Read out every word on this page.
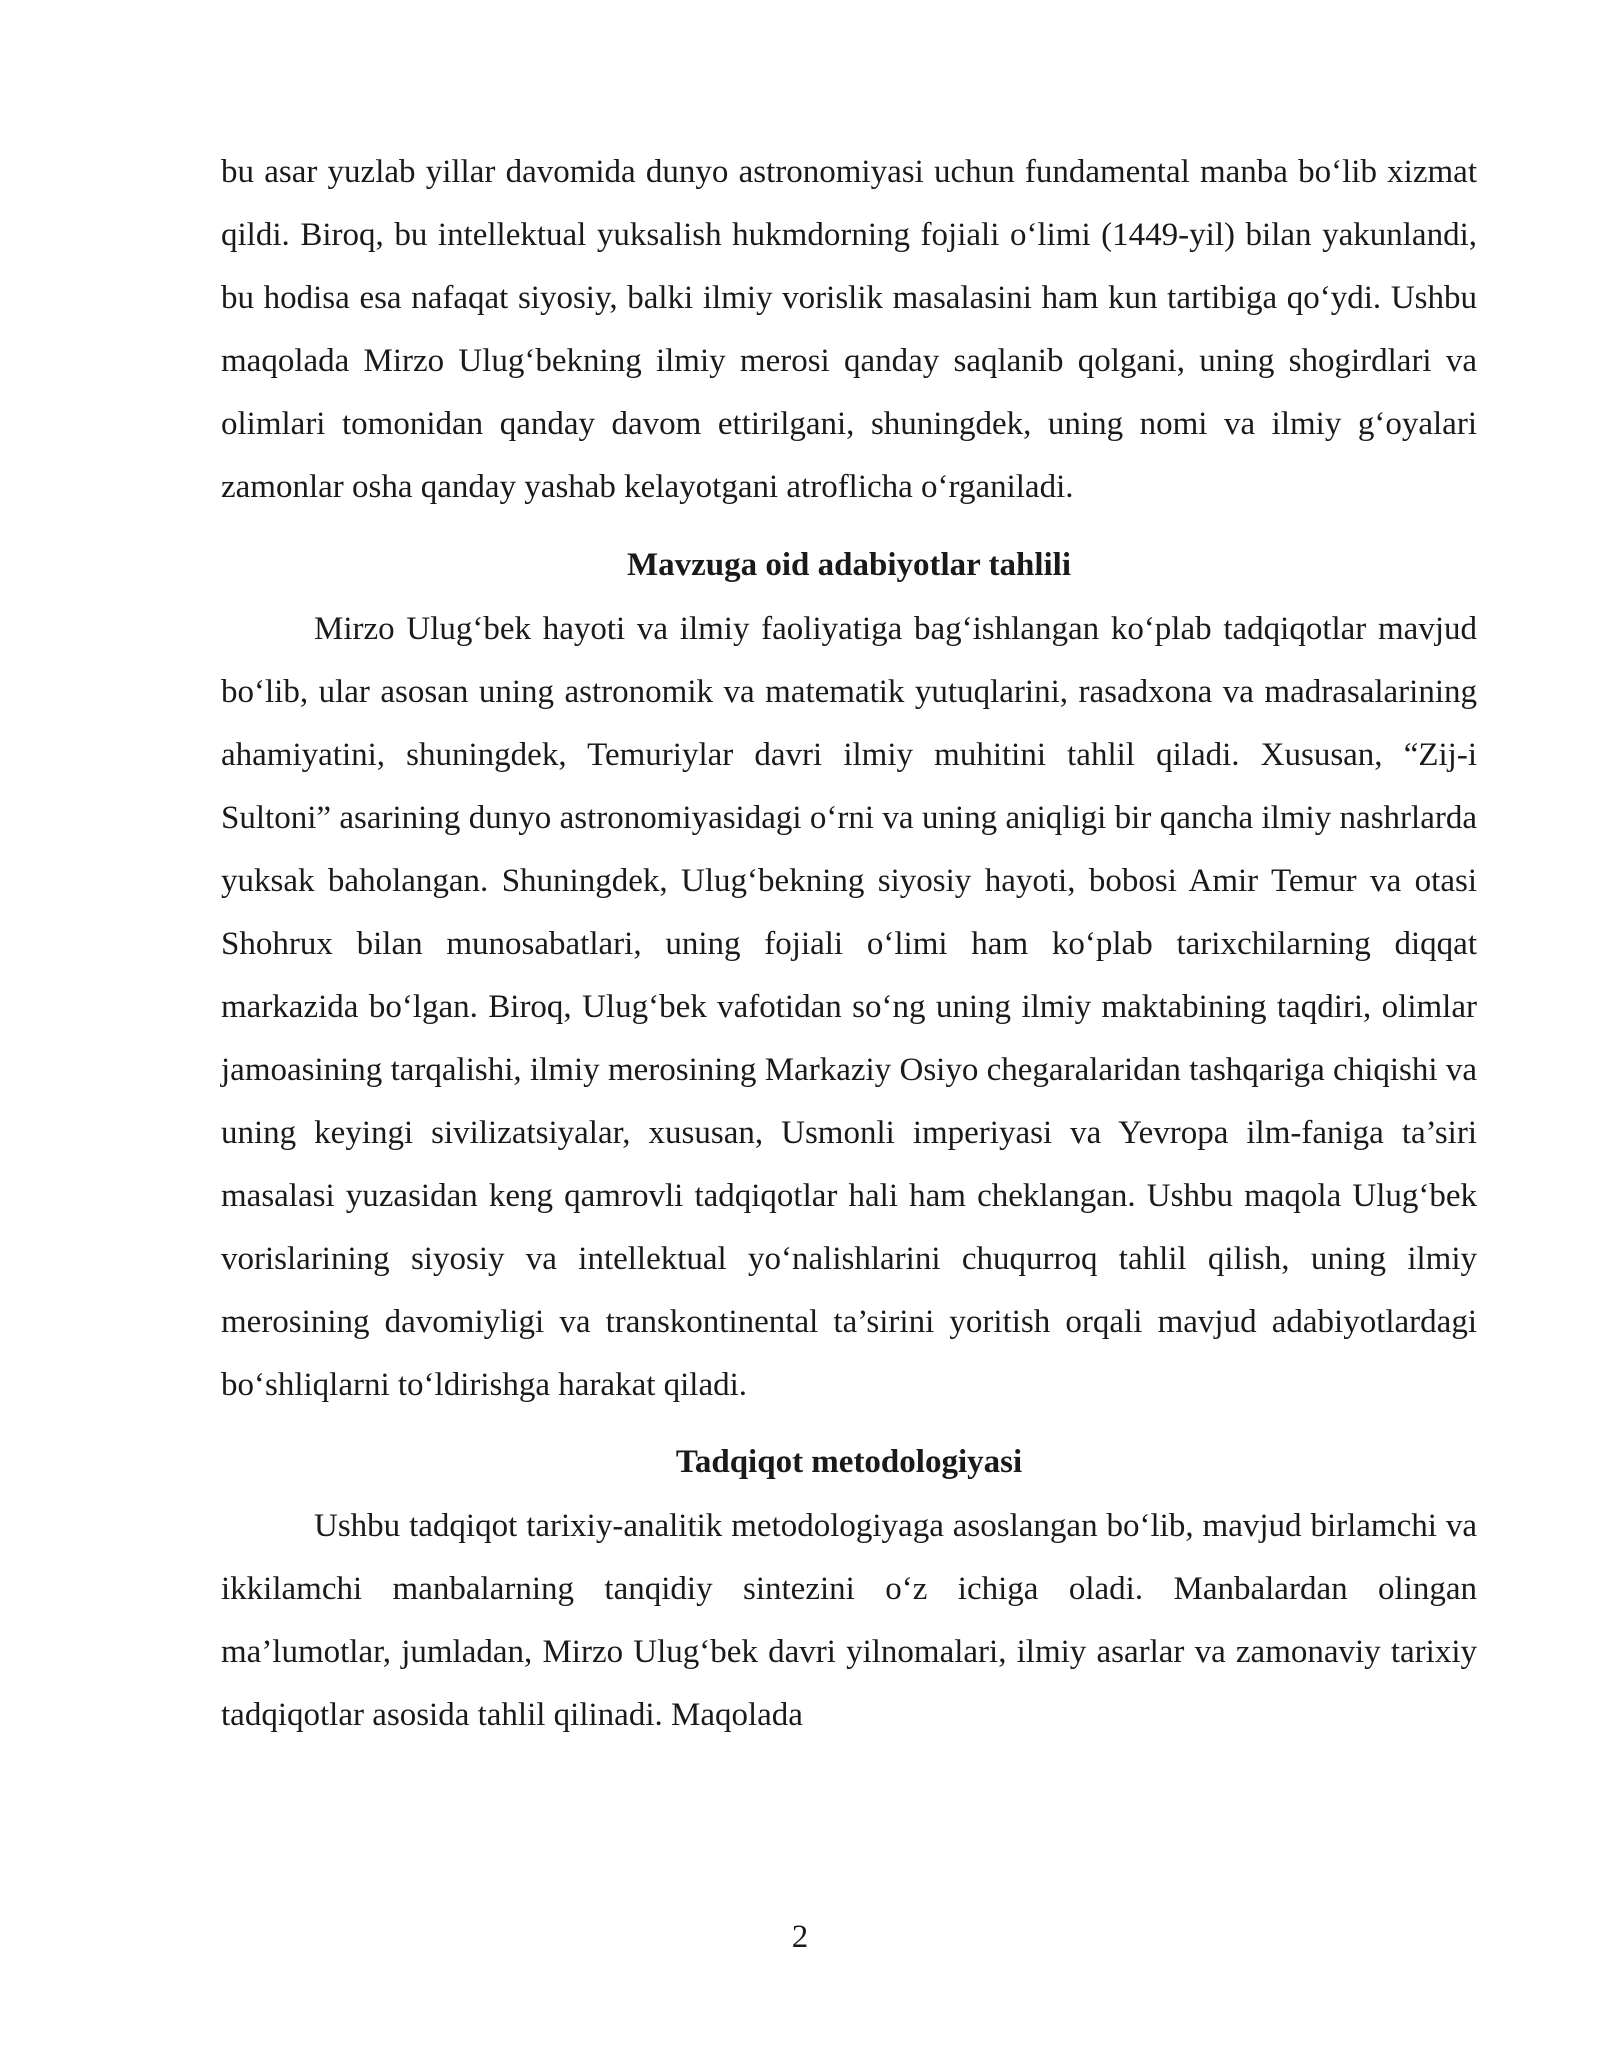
bu asar yuzlab yillar davomida dunyo astronomiyasi uchun fundamental manba bo‘lib xizmat qildi. Biroq, bu intellektual yuksalish hukmdorning fojiali o‘limi (1449-yil) bilan yakunlandi, bu hodisa esa nafaqat siyosiy, balki ilmiy vorislik masalasini ham kun tartibiga qo‘ydi. Ushbu maqolada Mirzo Ulug‘bekning ilmiy merosi qanday saqlanib qolgani, uning shogirdlari va olimlari tomonidan qanday davom ettirilgani, shuningdek, uning nomi va ilmiy g‘oyalari zamonlar osha qanday yashab kelayotgani atroflicha o‘rganiladi.

Mavzuga oid adabiyotlar tahlili

Mirzo Ulug‘bek hayoti va ilmiy faoliyatiga bag‘ishlangan ko‘plab tadqiqotlar mavjud bo‘lib, ular asosan uning astronomik va matematik yutuqlarini, rasadxona va madrasalarining ahamiyatini, shuningdek, Temuriylar davri ilmiy muhitini tahlil qiladi. Xususan, “Zij-i Sultoni” asarining dunyo astronomiyasidagi o‘rni va uning aniqligi bir qancha ilmiy nashrlarda yuksak baholangan. Shuningdek, Ulug‘bekning siyosiy hayoti, bobosi Amir Temur va otasi Shohrux bilan munosabatlari, uning fojiali o‘limi ham ko‘plab tarixchilarning diqqat markazida bo‘lgan. Biroq, Ulug‘bek vafotidan so‘ng uning ilmiy maktabining taqdiri, olimlar jamoasining tarqalishi, ilmiy merosining Markaziy Osiyo chegaralaridan tashqariga chiqishi va uning keyingi sivilizatsiyalar, xususan, Usmonli imperiyasi va Yevropa ilm-faniga ta’siri masalasi yuzasidan keng qamrovli tadqiqotlar hali ham cheklangan. Ushbu maqola Ulug‘bek vorislarining siyosiy va intellektual yo‘nalishlarini chuqurroq tahlil qilish, uning ilmiy merosining davomiyligi va transkontinental ta’sirini yoritish orqali mavjud adabiyotlardagi bo‘shliqlarni to‘ldirishga harakat qiladi.

Tadqiqot metodologiyasi

Ushbu tadqiqot tarixiy-analitik metodologiyaga asoslangan bo‘lib, mavjud birlamchi va ikkilamchi manbalarning tanqidiy sintezini o‘z ichiga oladi. Manbalardan olingan ma’lumotlar, jumladan, Mirzo Ulug‘bek davri yilnomalari, ilmiy asarlar va zamonaviy tarixiy tadqiqotlar asosida tahlil qilinadi. Maqolada

2
